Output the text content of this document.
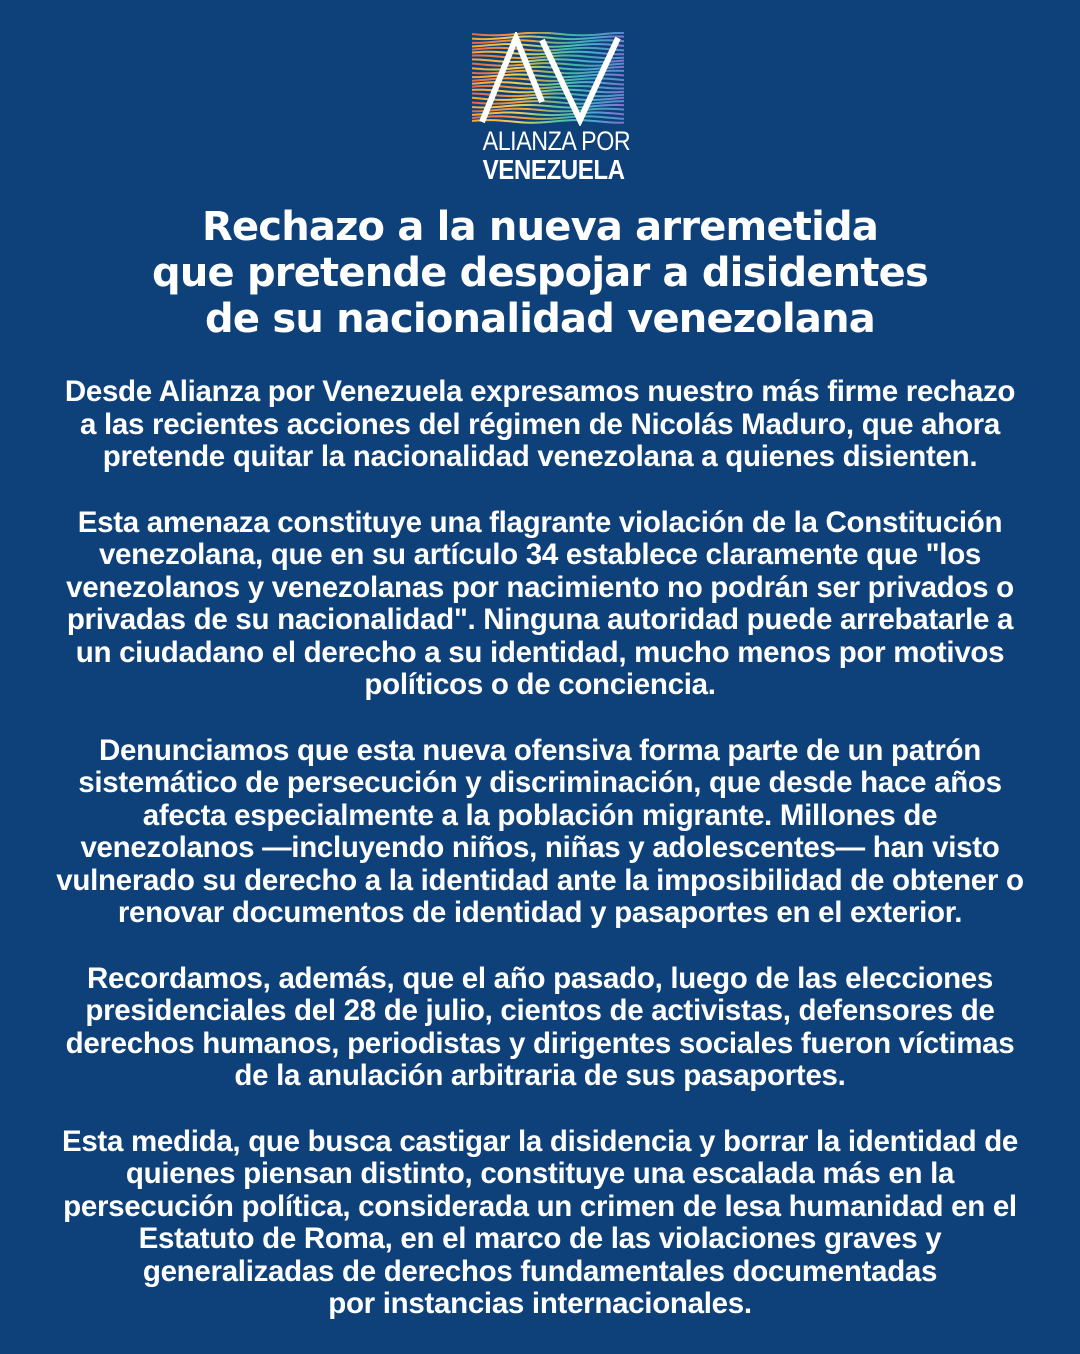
ALIANZA POR
VENEZUELA
Rechazo a la nueva arremetida
que pretende despojar a disidentes
de su nacionalidad venezolana
Desde Alianza por Venezuela expresamos nuestro más firme rechazo
a las recientes acciones del régimen de Nicolás Maduro, que ahora
pretende quitar la nacionalidad venezolana a quienes disienten.
Esta amenaza constituye una flagrante violación de la Constitución
venezolana, que en su artículo 34 establece claramente que "los
venezolanos y venezolanas por nacimiento no podrán ser privados o
privadas de su nacionalidad". Ninguna autoridad puede arrebatarle a
un ciudadano el derecho a su identidad, mucho menos por motivos
políticos o de conciencia.
Denunciamos que esta nueva ofensiva forma parte de un patrón
sistemático de persecución y discriminación, que desde hace años
afecta especialmente a la población migrante. Millones de
venezolanos —incluyendo niños, niñas y adolescentes— han visto
vulnerado su derecho a la identidad ante la imposibilidad de obtener o
renovar documentos de identidad y pasaportes en el exterior.
Recordamos, además, que el año pasado, luego de las elecciones
presidenciales del 28 de julio, cientos de activistas, defensores de
derechos humanos, periodistas y dirigentes sociales fueron víctimas
de la anulación arbitraria de sus pasaportes.
Esta medida, que busca castigar la disidencia y borrar la identidad de
quienes piensan distinto, constituye una escalada más en la
persecución política, considerada un crimen de lesa humanidad en el
Estatuto de Roma, en el marco de las violaciones graves y
generalizadas de derechos fundamentales documentadas
por instancias internacionales.
